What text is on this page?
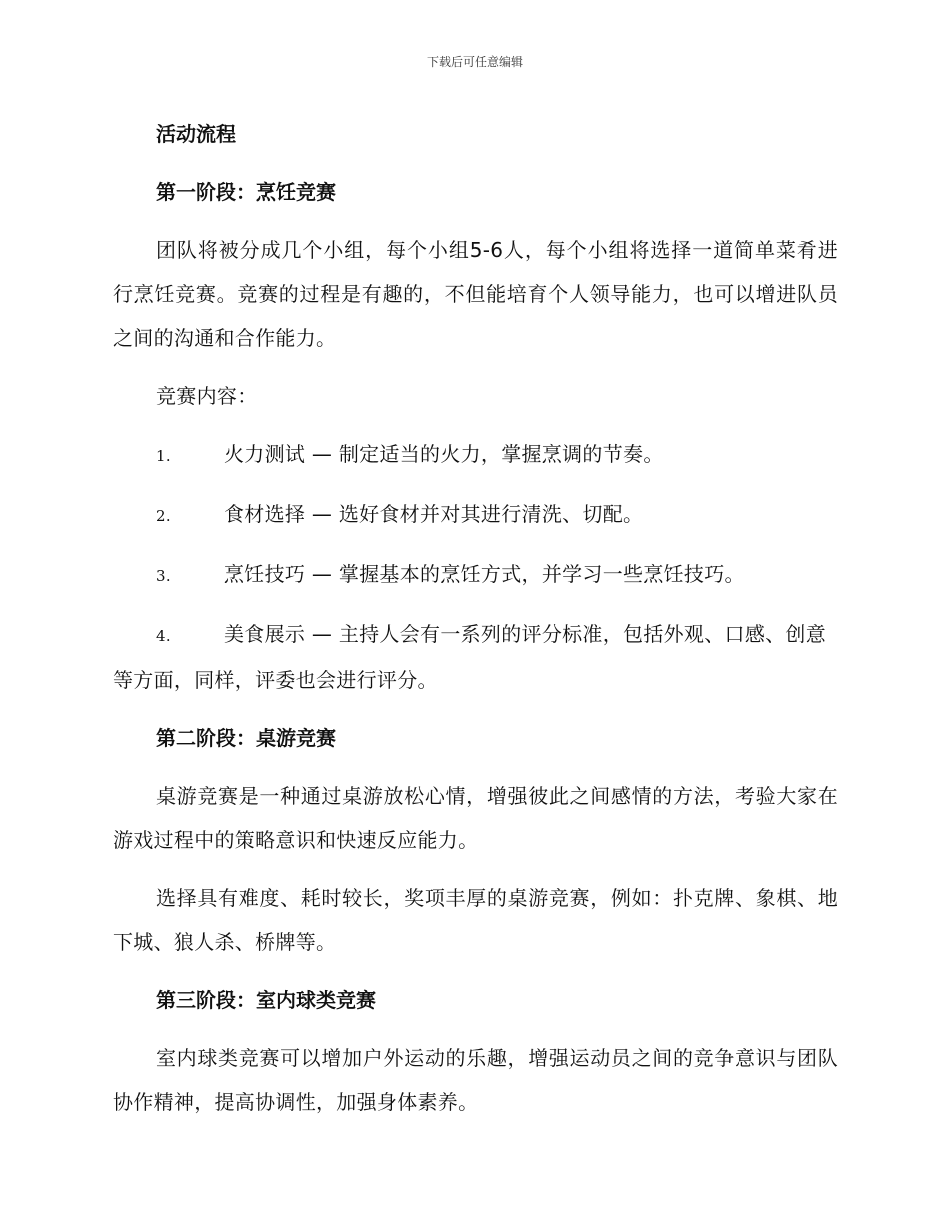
下载后可任意编辑
活动流程
第一阶段：烹饪竞赛
团队将被分成几个小组，每个小组5-6人，每个小组将选择一道简单菜肴进行烹饪竞赛。竞赛的过程是有趣的，不但能培育个人领导能力，也可以增进队员之间的沟通和合作能力。
竞赛内容：
1.	火力测试 — 制定适当的火力，掌握烹调的节奏。
2.	食材选择 — 选好食材并对其进行清洗、切配。
3.	烹饪技巧 — 掌握基本的烹饪方式，并学习一些烹饪技巧。
4.	美食展示 — 主持人会有一系列的评分标准，包括外观、口感、创意等方面，同样，评委也会进行评分。
第二阶段：桌游竞赛
桌游竞赛是一种通过桌游放松心情，增强彼此之间感情的方法，考验大家在游戏过程中的策略意识和快速反应能力。
选择具有难度、耗时较长，奖项丰厚的桌游竞赛，例如：扑克牌、象棋、地下城、狼人杀、桥牌等。
第三阶段：室内球类竞赛
室内球类竞赛可以增加户外运动的乐趣，增强运动员之间的竞争意识与团队协作精神，提高协调性，加强身体素养。
